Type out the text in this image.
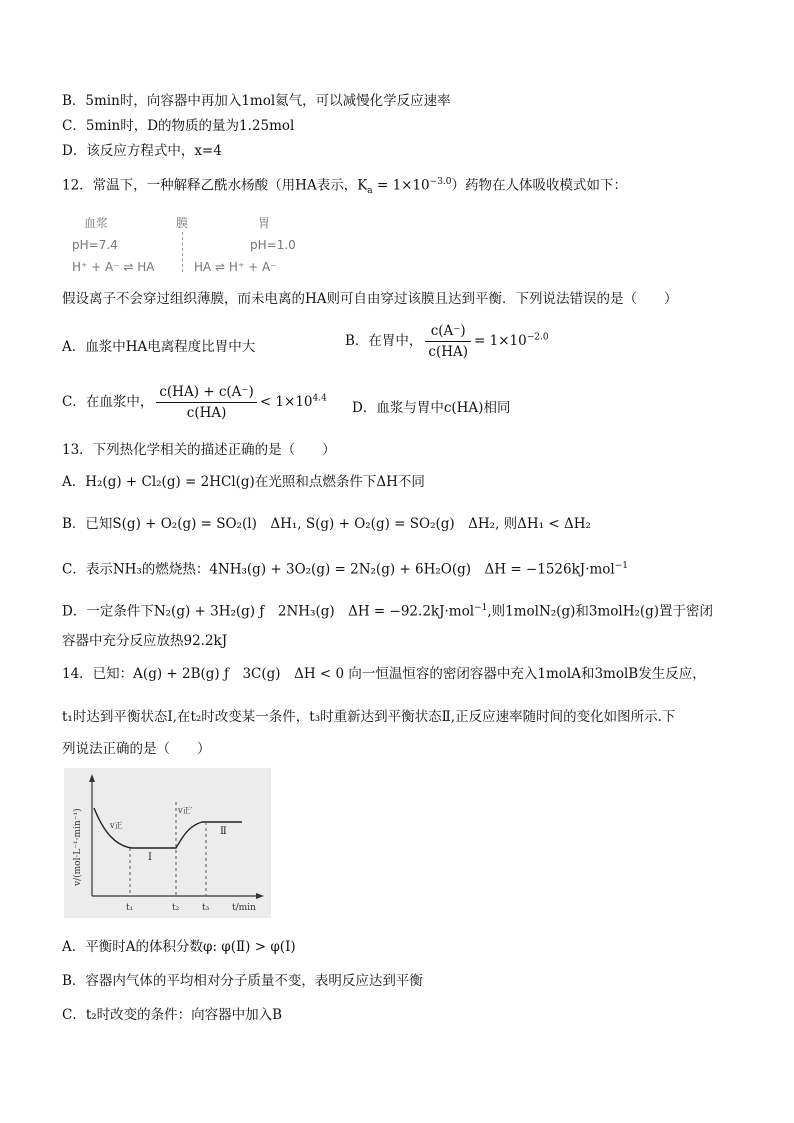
B．5min时，向容器中再加入1mol氦气，可以减慢化学反应速率
C．5min时，D的物质的量为1.25mol
D．该反应方程式中，x=4
12．常温下，一种解释乙酰水杨酸（用HA表示，$K_a = 1\times 10^{-3.0}$）药物在人体吸收模式如下：
血浆	膜	胃
pH=7.4	pH=1.0
H⁺ + A⁻ ⇌ HA	HA ⇌ H⁺ + A⁻
假设离子不会穿过组织薄膜，而未电离的HA则可自由穿过该膜且达到平衡．下列说法错误的是（　　）
A．血浆中HA电离程度比胃中大	B．在胃中， $\frac{c(A^-)}{c(HA)} = 1\times 10^{-2.0}$
C．在血浆中， $\frac{c(HA) + c(A^-)}{c(HA)} < 1\times 10^{4.4}$
D．血浆与胃中c(HA)相同
13．下列热化学相关的描述正确的是（　　）
A．H₂(g) + Cl₂(g) = 2HCl(g)在光照和点燃条件下ΔH不同
B．已知S(g) + O₂(g) = SO₂(l)　ΔH₁, S(g) + O₂(g) = SO₂(g)　ΔH₂, 则ΔH₁ < ΔH₂
C．表示NH₃的燃烧热：4NH₃(g) + 3O₂(g) = 2N₂(g) + 6H₂O(g)　ΔH = −1526kJ·mol$^{-1}$
D．一定条件下N₂(g) + 3H₂(g) ƒ　2NH₃(g)　ΔH = −92.2kJ·mol$^{-1}$,则1molN₂(g)和3molH₂(g)置于密闭
容器中充分反应放热92.2kJ
14．已知：A(g) + 2B(g) ƒ　3C(g)　ΔH < 0 向一恒温恒容的密闭容器中充入1molA和3molB发生反应，
t₁时达到平衡状态Ⅰ,在t₂时改变某一条件，t₃时重新达到平衡状态Ⅱ,正反应速率随时间的变化如图所示.下
列说法正确的是（　　）
v/(mol·L⁻¹·min⁻¹)	v正
v正′
Ⅰ
Ⅱ
t₁	t₂	t₃	t/min
A．平衡时A的体积分数φ: φ(Ⅱ) > φ(Ⅰ)
B．容器内气体的平均相对分子质量不变，表明反应达到平衡
C．t₂时改变的条件：向容器中加入B
